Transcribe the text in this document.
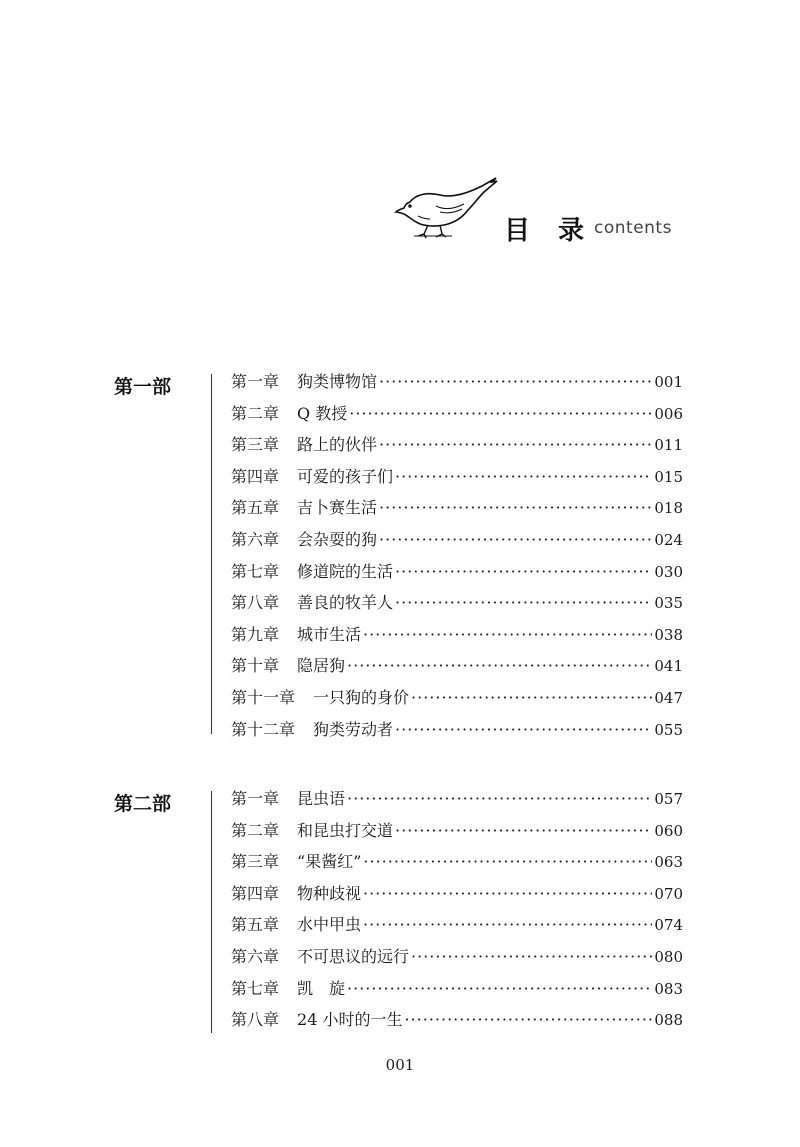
目录
contents
第一部	第一章 狗类博物馆 ·····	001
第二章 Q 教授 ·····	006
第三章 路上的伙伴 ·····	011
第四章 可爱的孩子们 ·····	015
第五章 吉卜赛生活 ·····	018
第六章 会杂耍的狗 ·····	024
第七章 修道院的生活 ·····	030
第八章 善良的牧羊人 ·····	035
第九章 城市生活 ·····	038
第十章 隐居狗 ·····	041
第十一章 一只狗的身价 ·····	047
第十二章 狗类劳动者 ·····	055
第二部	第一章 昆虫语 ·····	057
第二章 和昆虫打交道 ·····	060
第三章 “果酱红” ·····	063
第四章 物种歧视 ·····	070
第五章 水中甲虫 ·····	074
第六章 不可思议的远行 ·····	080
第七章 凯　旋 ·····	083
第八章 24 小时的一生 ·····	088
001
